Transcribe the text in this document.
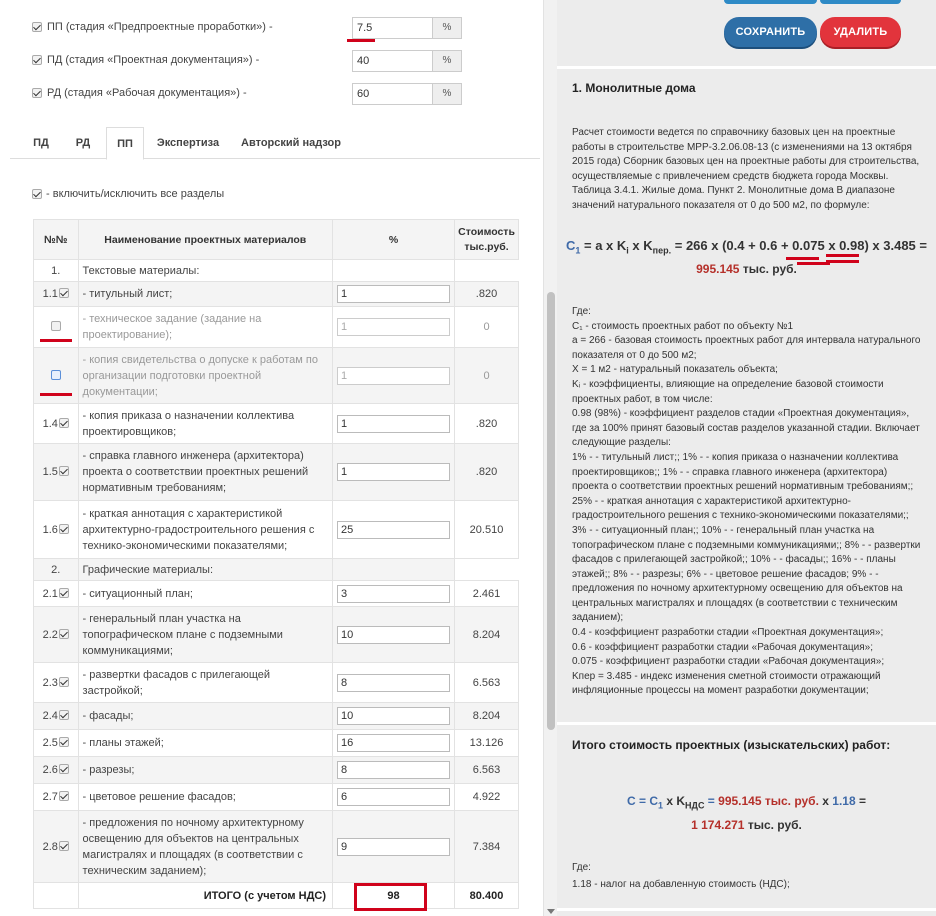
ПП (стадия «Предпроектные проработки») -
7.5	%
ПД (стадия «Проектная документация») -
40	%
РД (стадия «Рабочая документация») -
60	%
ПД	РД	ПП	Экспертиза	Авторский надзор
- включить/исключить все разделы
№№	Наименование проектных материалов	%	Стоимость тыс.руб.
1.	Текстовые материалы:		
1.1	- титульный лист;	1	.820
	- техническое задание (задание на проектирование);	1	0
	- копия свидетельства о допуске к работам по организации подготовки проектной документации;	1	0
1.4	- копия приказа о назначении коллектива проектировщиков;	1	.820
1.5	- справка главного инженера (архитектора) проекта о соответствии проектных решений нормативным требованиям;	1	.820
1.6	- краткая аннотация с характеристикой архитектурно-градостроительного решения с технико-экономическими показателями;	25	20.510
2.	Графические материалы:		
2.1	- ситуационный план;	3	2.461
2.2	- генеральный план участка на топографическом плане с подземными коммуникациями;	10	8.204
2.3	- развертки фасадов с прилегающей застройкой;	8	6.563
2.4	- фасады;	10	8.204
2.5	- планы этажей;	16	13.126
2.6	- разрезы;	8	6.563
2.7	- цветовое решение фасадов;	6	4.922
2.8	- предложения по ночному архитектурному освещению для объектов на центральных магистралях и площадях (в соответствии с техническим заданием);	9	7.384
	ИТОГО (с учетом НДС)	98	80.400
СОХРАНИТЬ	УДАЛИТЬ
1. Монолитные дома
Расчет стоимости ведется по справочнику базовых цен на проектные работы в строительстве МРР-3.2.06.08-13 (с изменениями на 13 октября 2015 года) Сборник базовых цен на проектные работы для строительства, осуществляемые с привлечением средств бюджета города Москвы. Таблица 3.4.1. Жилые дома. Пункт 2. Монолитные дома В диапазоне значений натурального показателя от 0 до 500 м2, по формуле:
$C_1 = a$ x $K_i$ x $K_{пер.} = 266$ x (0.4 + 0.6 + 0.075 x 0.98) x 3.485 =
995.145 тыс. руб.

Где:

C₁ - стоимость проектных работ по объекту №1

a = 266 - базовая стоимость проектных работ для интервала натурального показателя от 0 до 500 м2;

X = 1 м2 - натуральный показатель объекта;

Kᵢ - коэффициенты, влияющие на определение базовой стоимости проектных работ, в том числе:

0.98 (98%) - коэффициент разделов стадии «Проектная документация», где за 100% принят базовый состав разделов указанной стадии. Включает следующие разделы:

1% - - титульный лист;; 1% - - копия приказа о назначении коллектива проектировщиков;; 1% - - справка главного инженера (архитектора) проекта о соответствии проектных решений нормативным требованиям;; 25% - - краткая аннотация с характеристикой архитектурно-градостроительного решения с технико-экономическими показателями;; 3% - - ситуационный план;; 10% - - генеральный план участка на топографическом плане с подземными коммуникациями;; 8% - - развертки фасадов с прилегающей застройкой;; 10% - - фасады;; 16% - - планы этажей;; 8% - - разрезы; 6% - - цветовое решение фасадов; 9% - - предложения по ночному архитектурному освещению для объектов на центральных магистралях и площадях (в соответствии с техническим заданием);

0.4 - коэффициент разработки стадии «Проектная документация»;

0.6 - коэффициент разработки стадии «Рабочая документация»;

0.075 - коэффициент разработки стадии «Рабочая документация»;

Kпер = 3.485 - индекс изменения сметной стоимости отражающий инфляционные процессы на момент разработки документации;

Итого стоимость проектных (изыскательских) работ:
$C = C_1$ x $K_{НДС} = 995.145$ тыс. руб. x 1.18 =
1 174.271 тыс. руб.

Где:

1.18 - налог на добавленную стоимость (НДС);
